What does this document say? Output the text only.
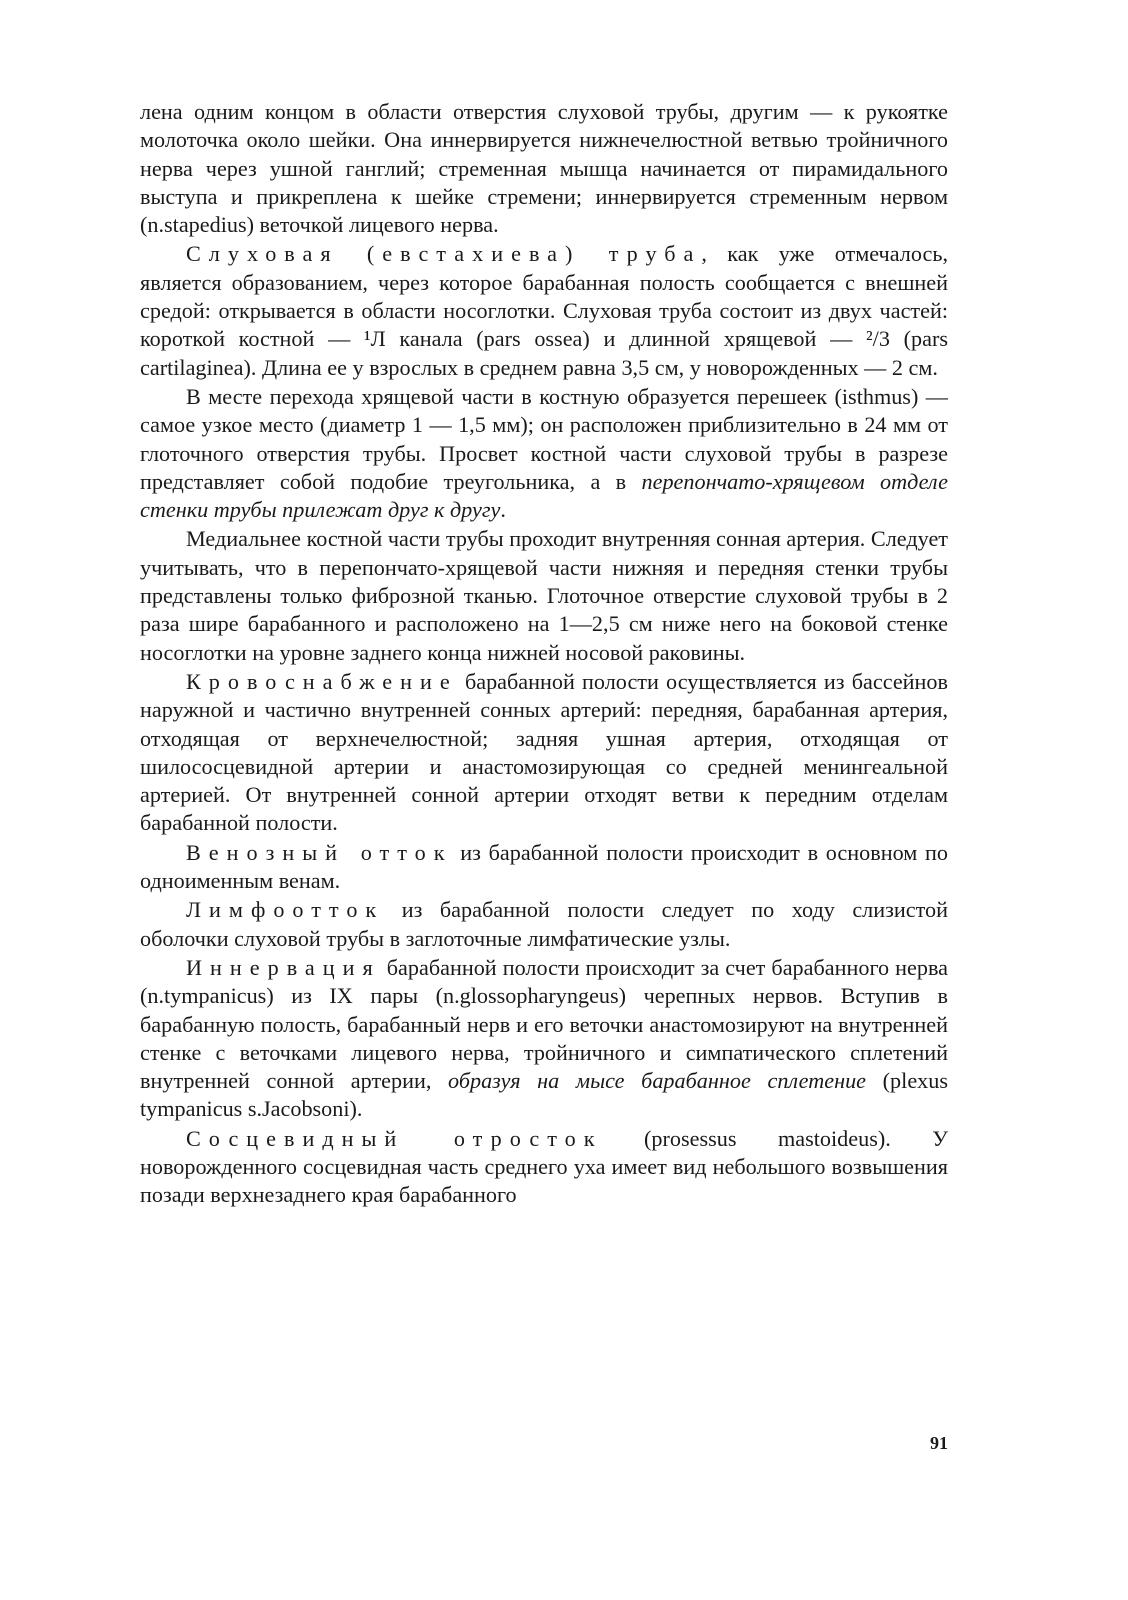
лена одним концом в области отверстия слуховой трубы, другим — к рукоятке молоточка около шейки. Она иннервируется нижнечелюстной ветвью тройничного нерва через ушной ганглий; стременная мышца начинается от пирамидального выступа и прикреплена к шейке стремени; иннервируется стременным нервом (n.stapedius) веточкой лицевого нерва.

Слуховая (евстахиева) труба, как уже отмечалось, является образованием, через которое барабанная полость сообщается с внешней средой: открывается в области носоглотки. Слуховая труба состоит из двух частей: короткой костной — ¹Л канала (pars ossea) и длинной хрящевой — ²/3 (pars cartilaginea). Длина ее у взрослых в среднем равна 3,5 см, у новорожденных — 2 см.

В месте перехода хрящевой части в костную образуется перешеек (isthmus) — самое узкое место (диаметр 1 — 1,5 мм); он расположен приблизительно в 24 мм от глоточного отверстия трубы. Просвет костной части слуховой трубы в разрезе представляет собой подобие треугольника, а в перепончато-хрящевом отделе стенки трубы прилежат друг к другу.

Медиальнее костной части трубы проходит внутренняя сонная артерия. Следует учитывать, что в перепончато-хрящевой части нижняя и передняя стенки трубы представлены только фиброзной тканью. Глоточное отверстие слуховой трубы в 2 раза шире барабанного и расположено на 1—2,5 см ниже него на боковой стенке носоглотки на уровне заднего конца нижней носовой раковины.

Кровоснабжение барабанной полости осуществляется из бассейнов наружной и частично внутренней сонных артерий: передняя, барабанная артерия, отходящая от верхнечелюстной; задняя ушная артерия, отходящая от шилососцевидной артерии и анастомозирующая со средней менингеальной артерией. От внутренней сонной артерии отходят ветви к передним отделам барабанной полости.

Венозный отток из барабанной полости происходит в основном по одноименным венам.

Лимфоотток из барабанной полости следует по ходу слизистой оболочки слуховой трубы в заглоточные лимфатические узлы.

Иннервация барабанной полости происходит за счет барабанного нерва (n.tympanicus) из IX пары (n.glossopharyngeus) черепных нервов. Вступив в барабанную полость, барабанный нерв и его веточки анастомозируют на внутренней стенке с веточками лицевого нерва, тройничного и симпатического сплетений внутренней сонной артерии, образуя на мысе барабанное сплетение (plexus tympanicus s.Jacobsoni).

Сосцевидный отросток (prosessus mastoideus). У новорожденного сосцевидная часть среднего уха имеет вид небольшого возвышения позади верхнезаднего края барабанного

91
